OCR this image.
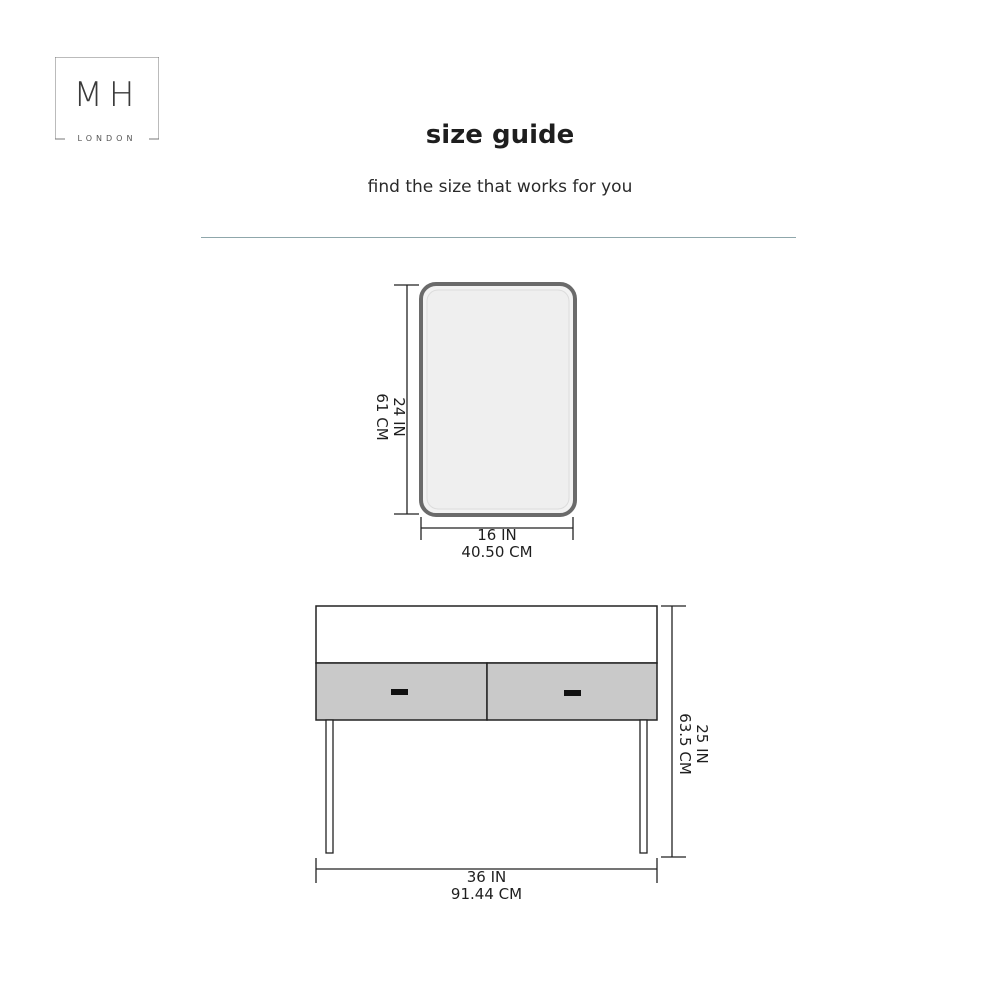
MH
LONDON	size guide
find the size that works for you
24 IN
61 CM
16 IN
40.50 CM
25 IN
63.5 CM
36 IN
91.44 CM
